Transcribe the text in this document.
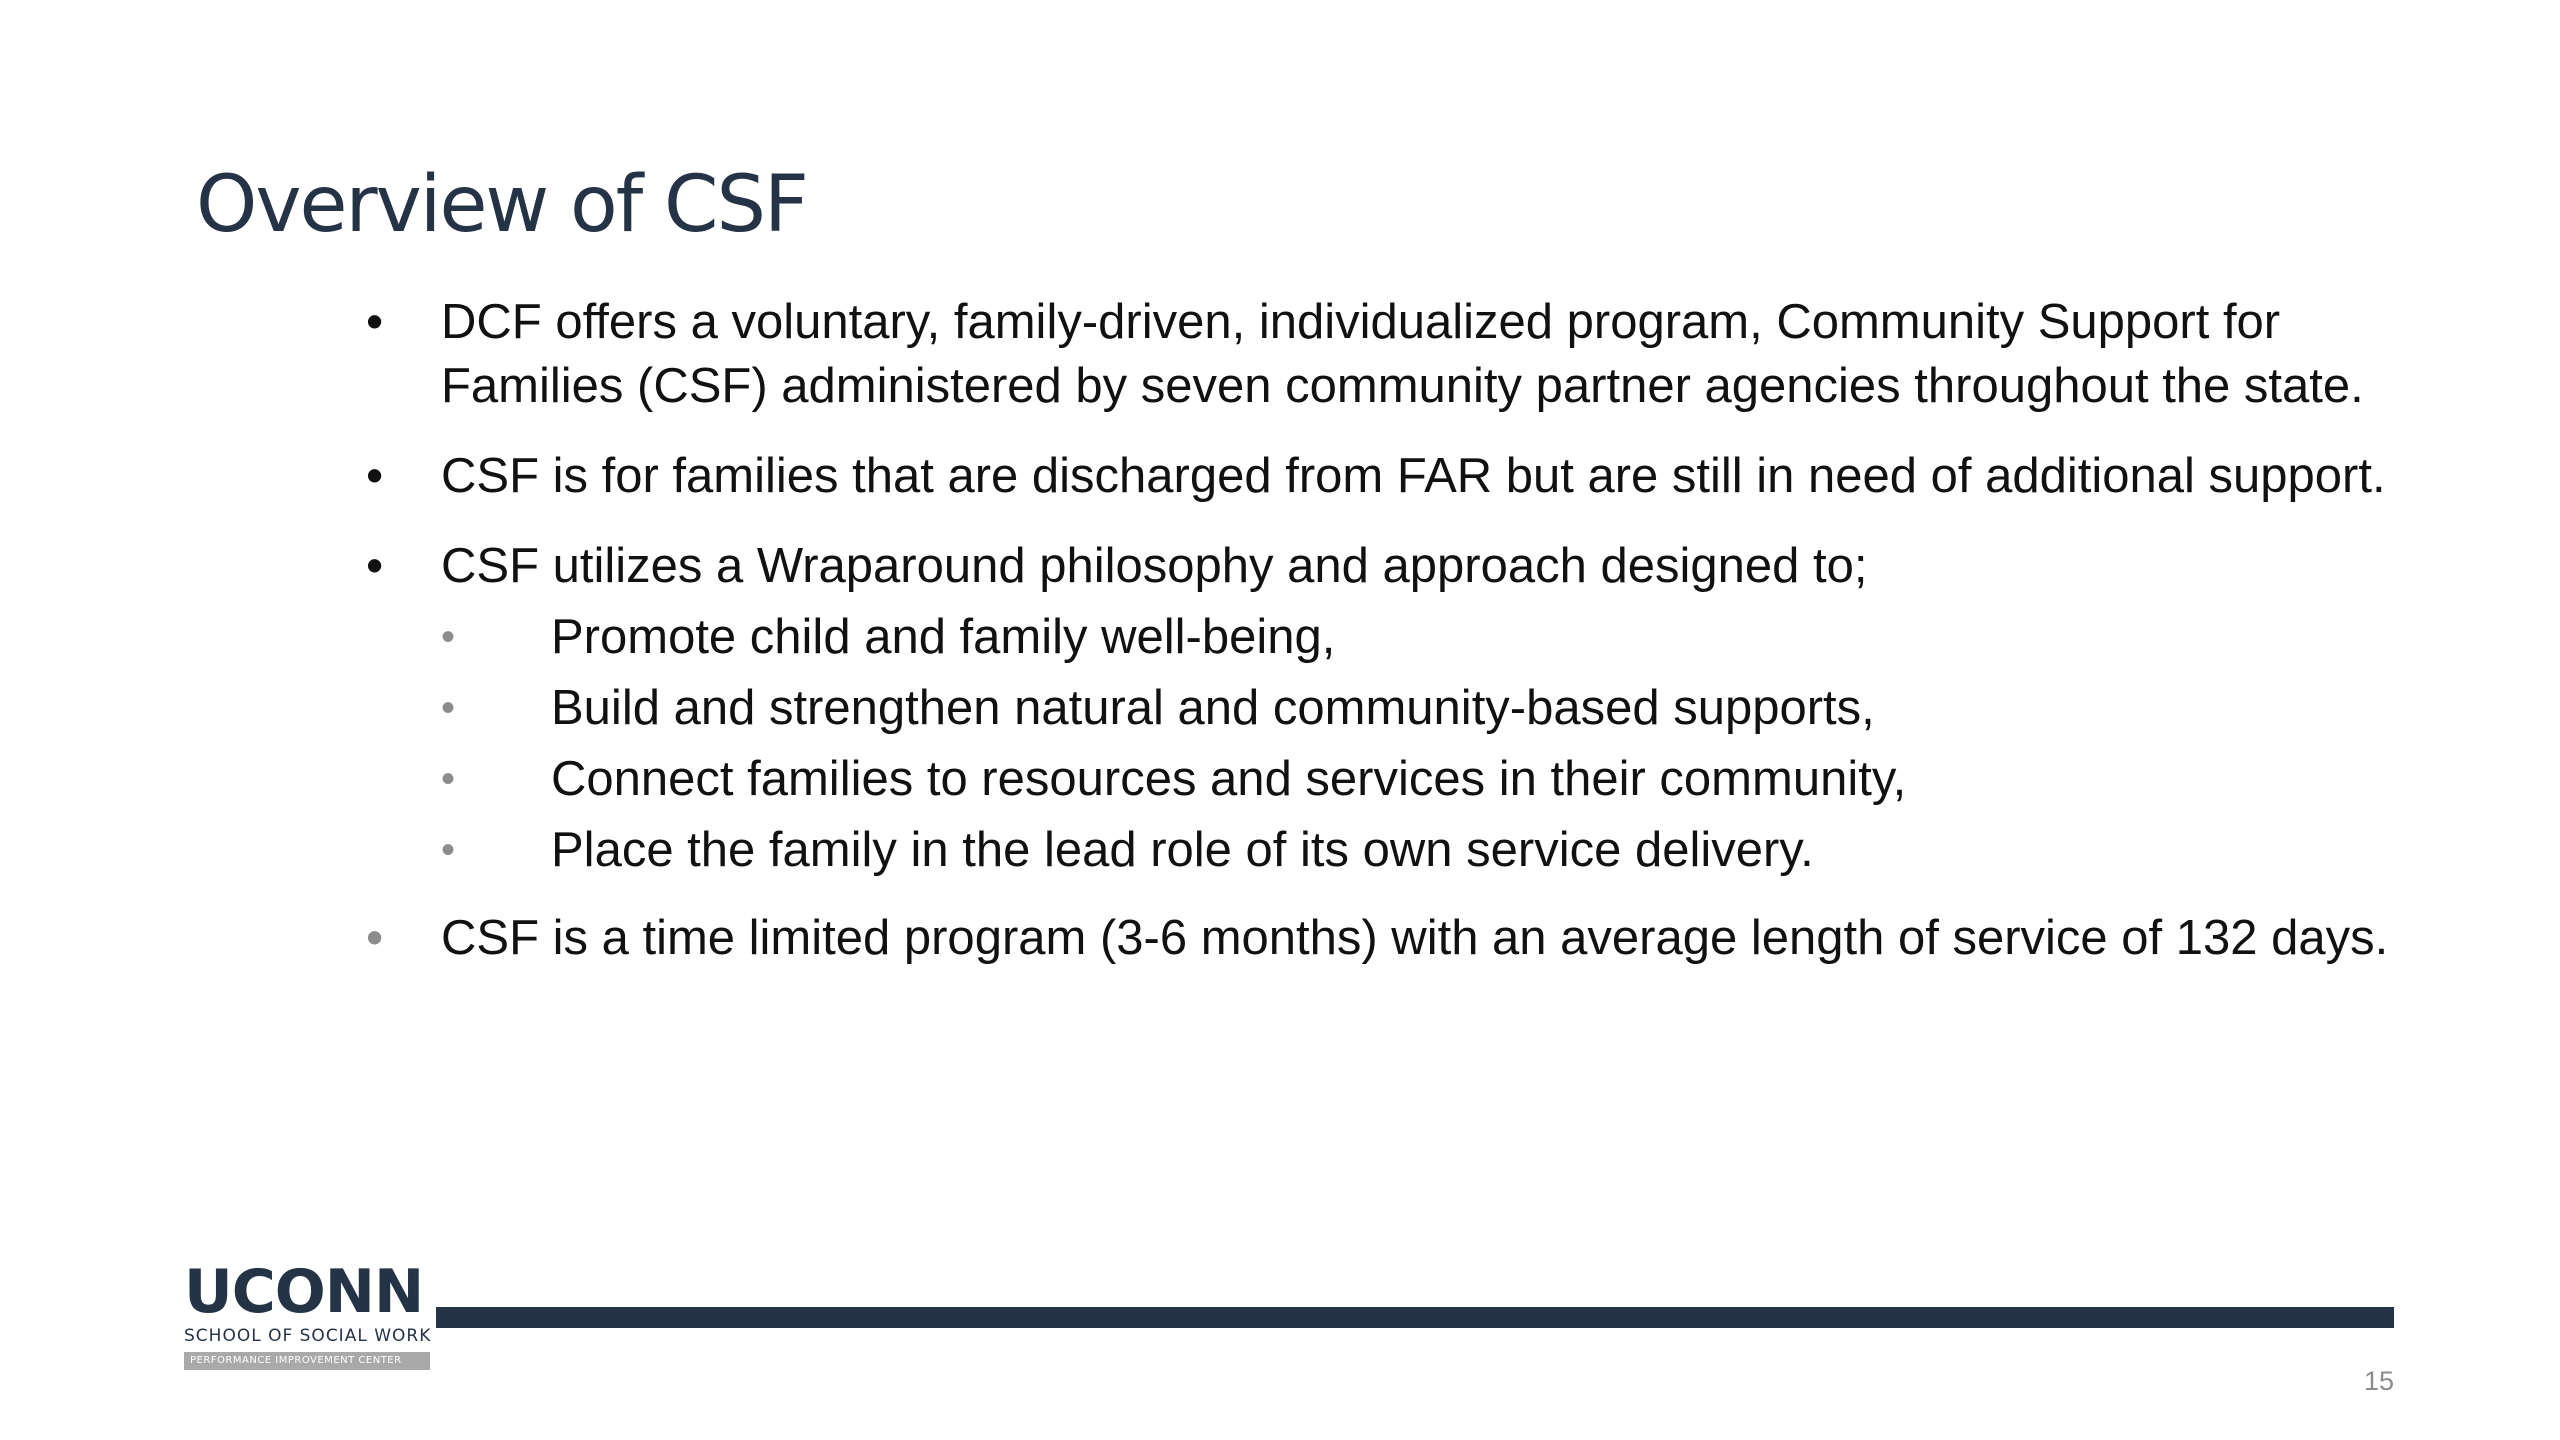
Overview of CSF
• DCF offers a voluntary, family-driven, individualized program, Community Support for Families (CSF) administered by seven community partner agencies throughout the state.
• CSF is for families that are discharged from FAR but are still in need of additional support.
• CSF utilizes a Wraparound philosophy and approach designed to;
• Promote child and family well-being,
• Build and strengthen natural and community-based supports,
• Connect families to resources and services in their community,
• Place the family in the lead role of its own service delivery.
• CSF is a time limited program (3-6 months) with an average length of service of 132 days.
UCONN
SCHOOL OF SOCIAL WORK
PERFORMANCE IMPROVEMENT CENTER
15
